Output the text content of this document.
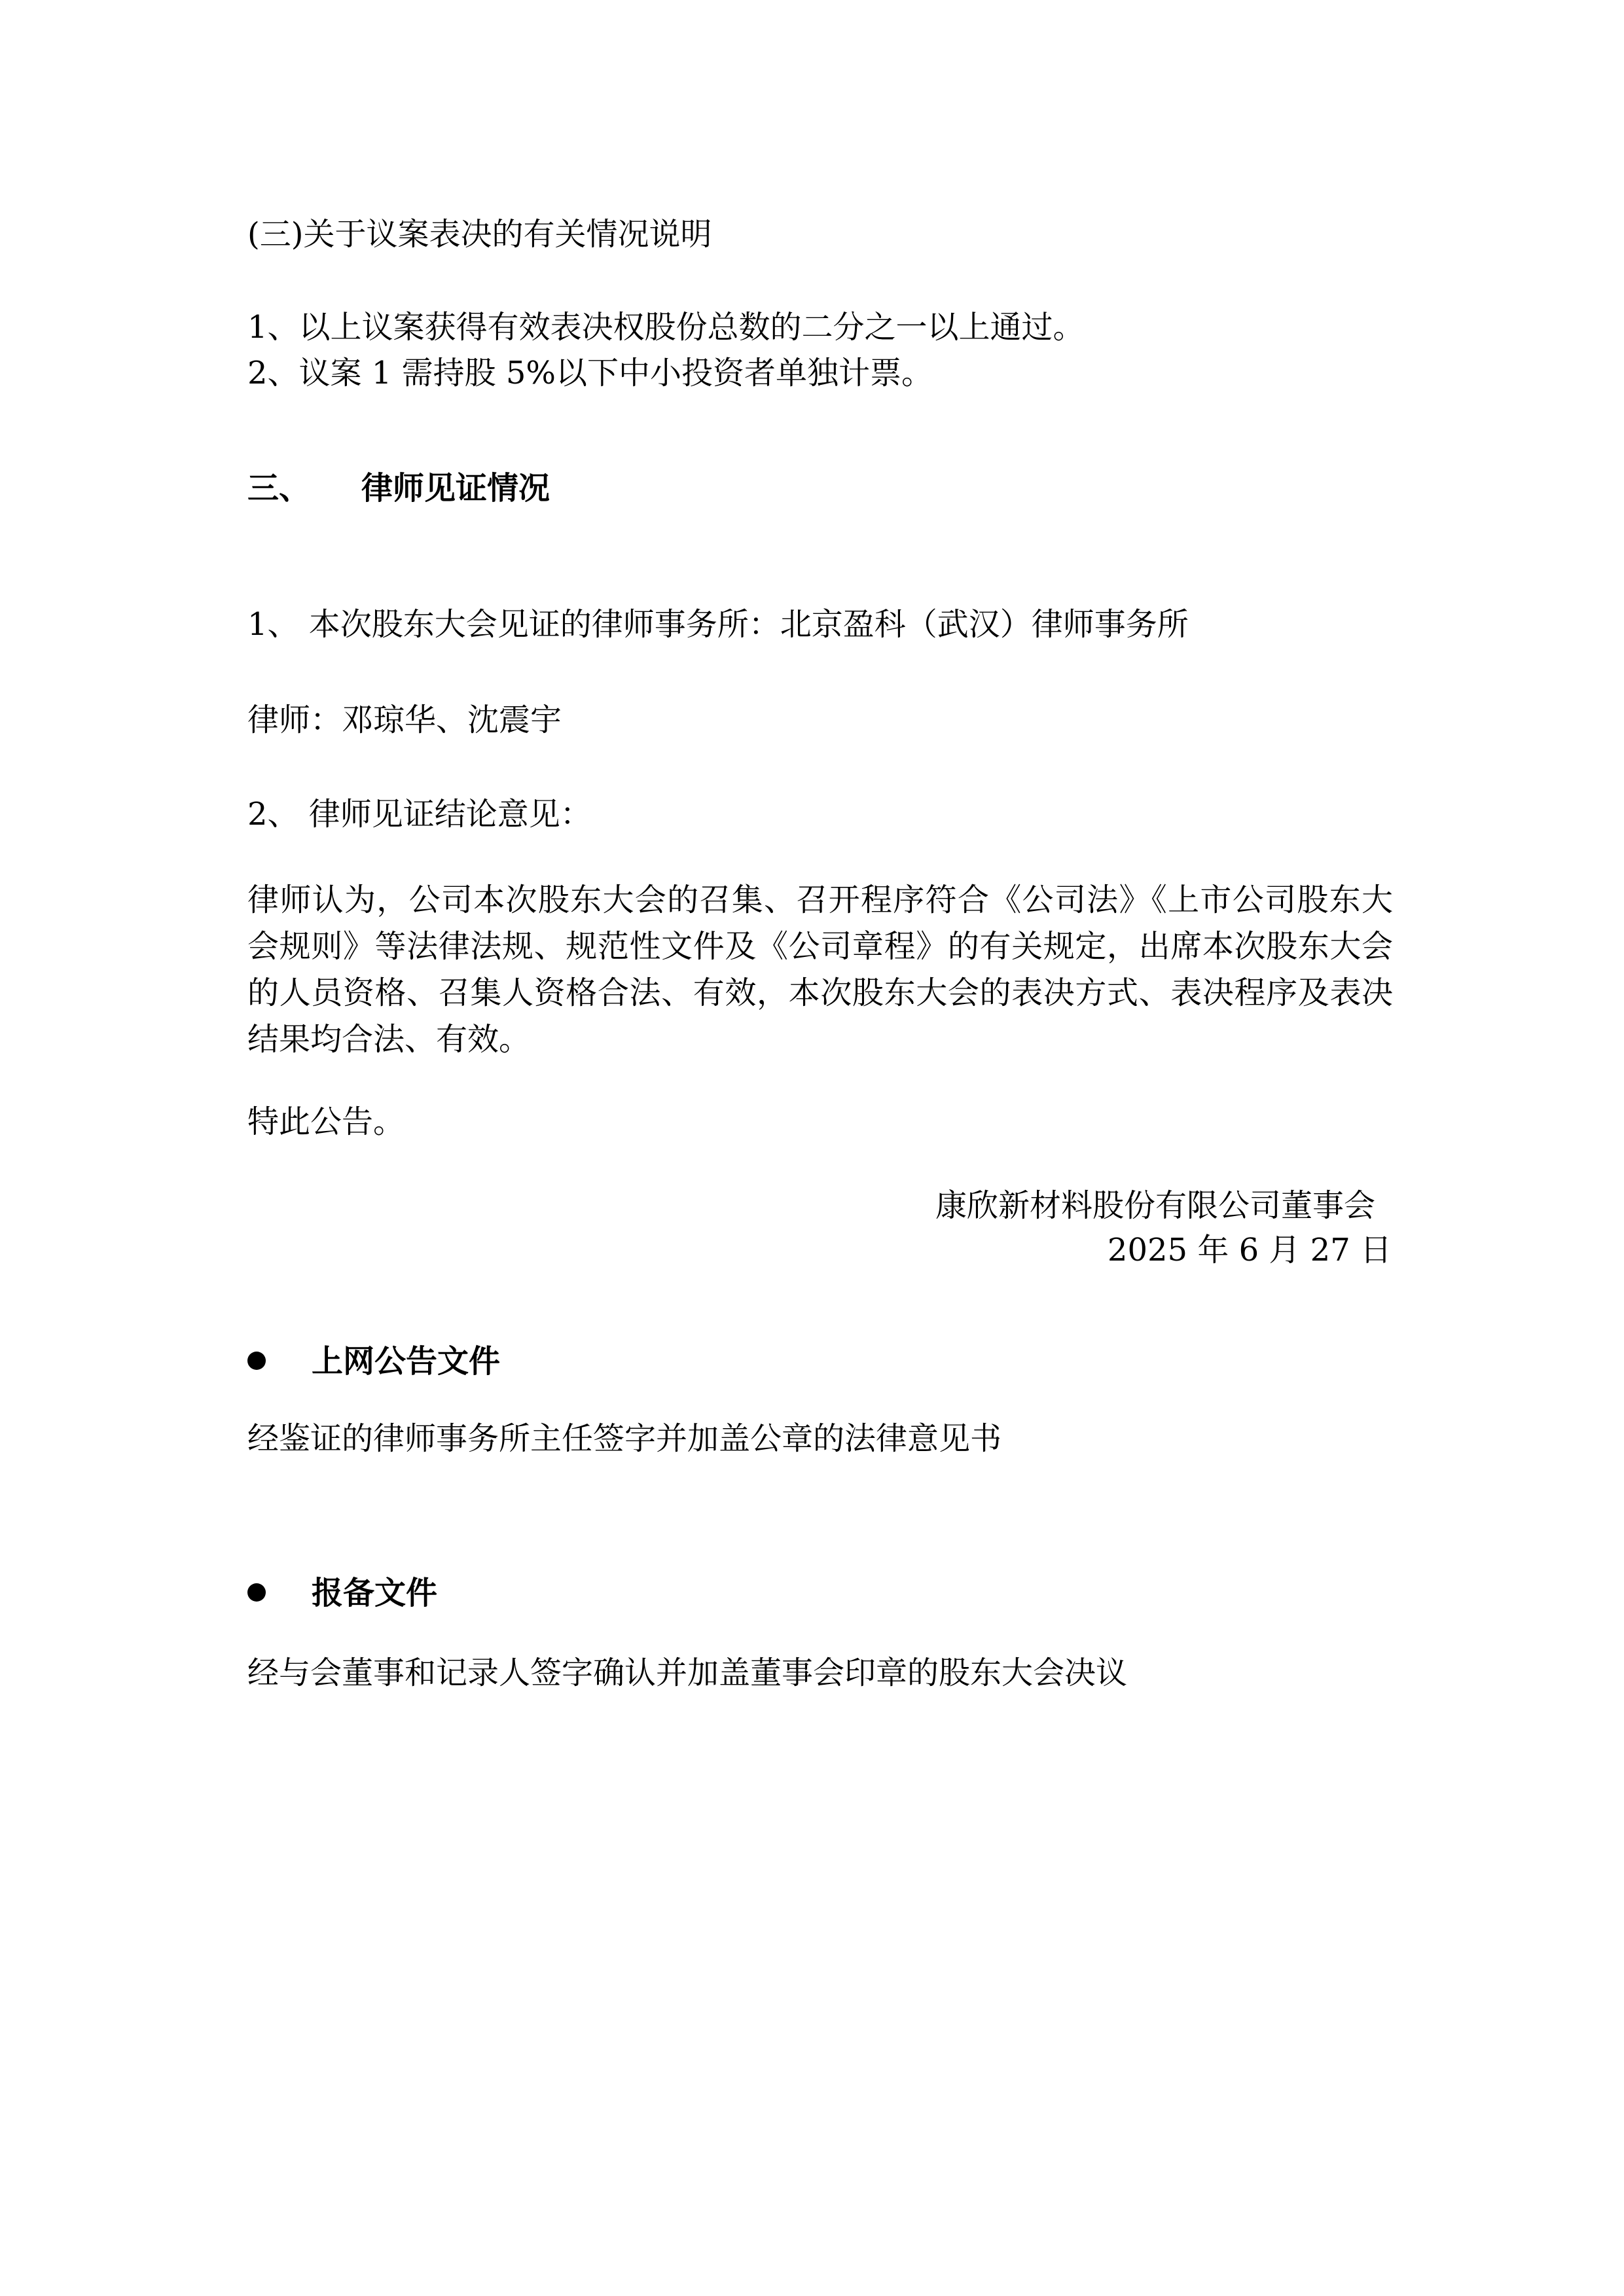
(三)关于议案表决的有关情况说明
1、以上议案获得有效表决权股份总数的二分之一以上通过。
2、议案 1 需持股 5%以下中小投资者单独计票。
三、 律师见证情况
1、 本次股东大会见证的律师事务所：北京盈科（武汉）律师事务所
律师：邓琼华、沈震宇
2、 律师见证结论意见：
律师认为，公司本次股东大会的召集、召开程序符合《公司法》《上市公司股东大会规则》等法律法规、规范性文件及《公司章程》的有关规定，出席本次股东大会的人员资格、召集人资格合法、有效，本次股东大会的表决方式、表决程序及表决结果均合法、有效。
特此公告。
康欣新材料股份有限公司董事会
2025 年 6 月 27 日
上网公告文件
经鉴证的律师事务所主任签字并加盖公章的法律意见书
报备文件
经与会董事和记录人签字确认并加盖董事会印章的股东大会决议
